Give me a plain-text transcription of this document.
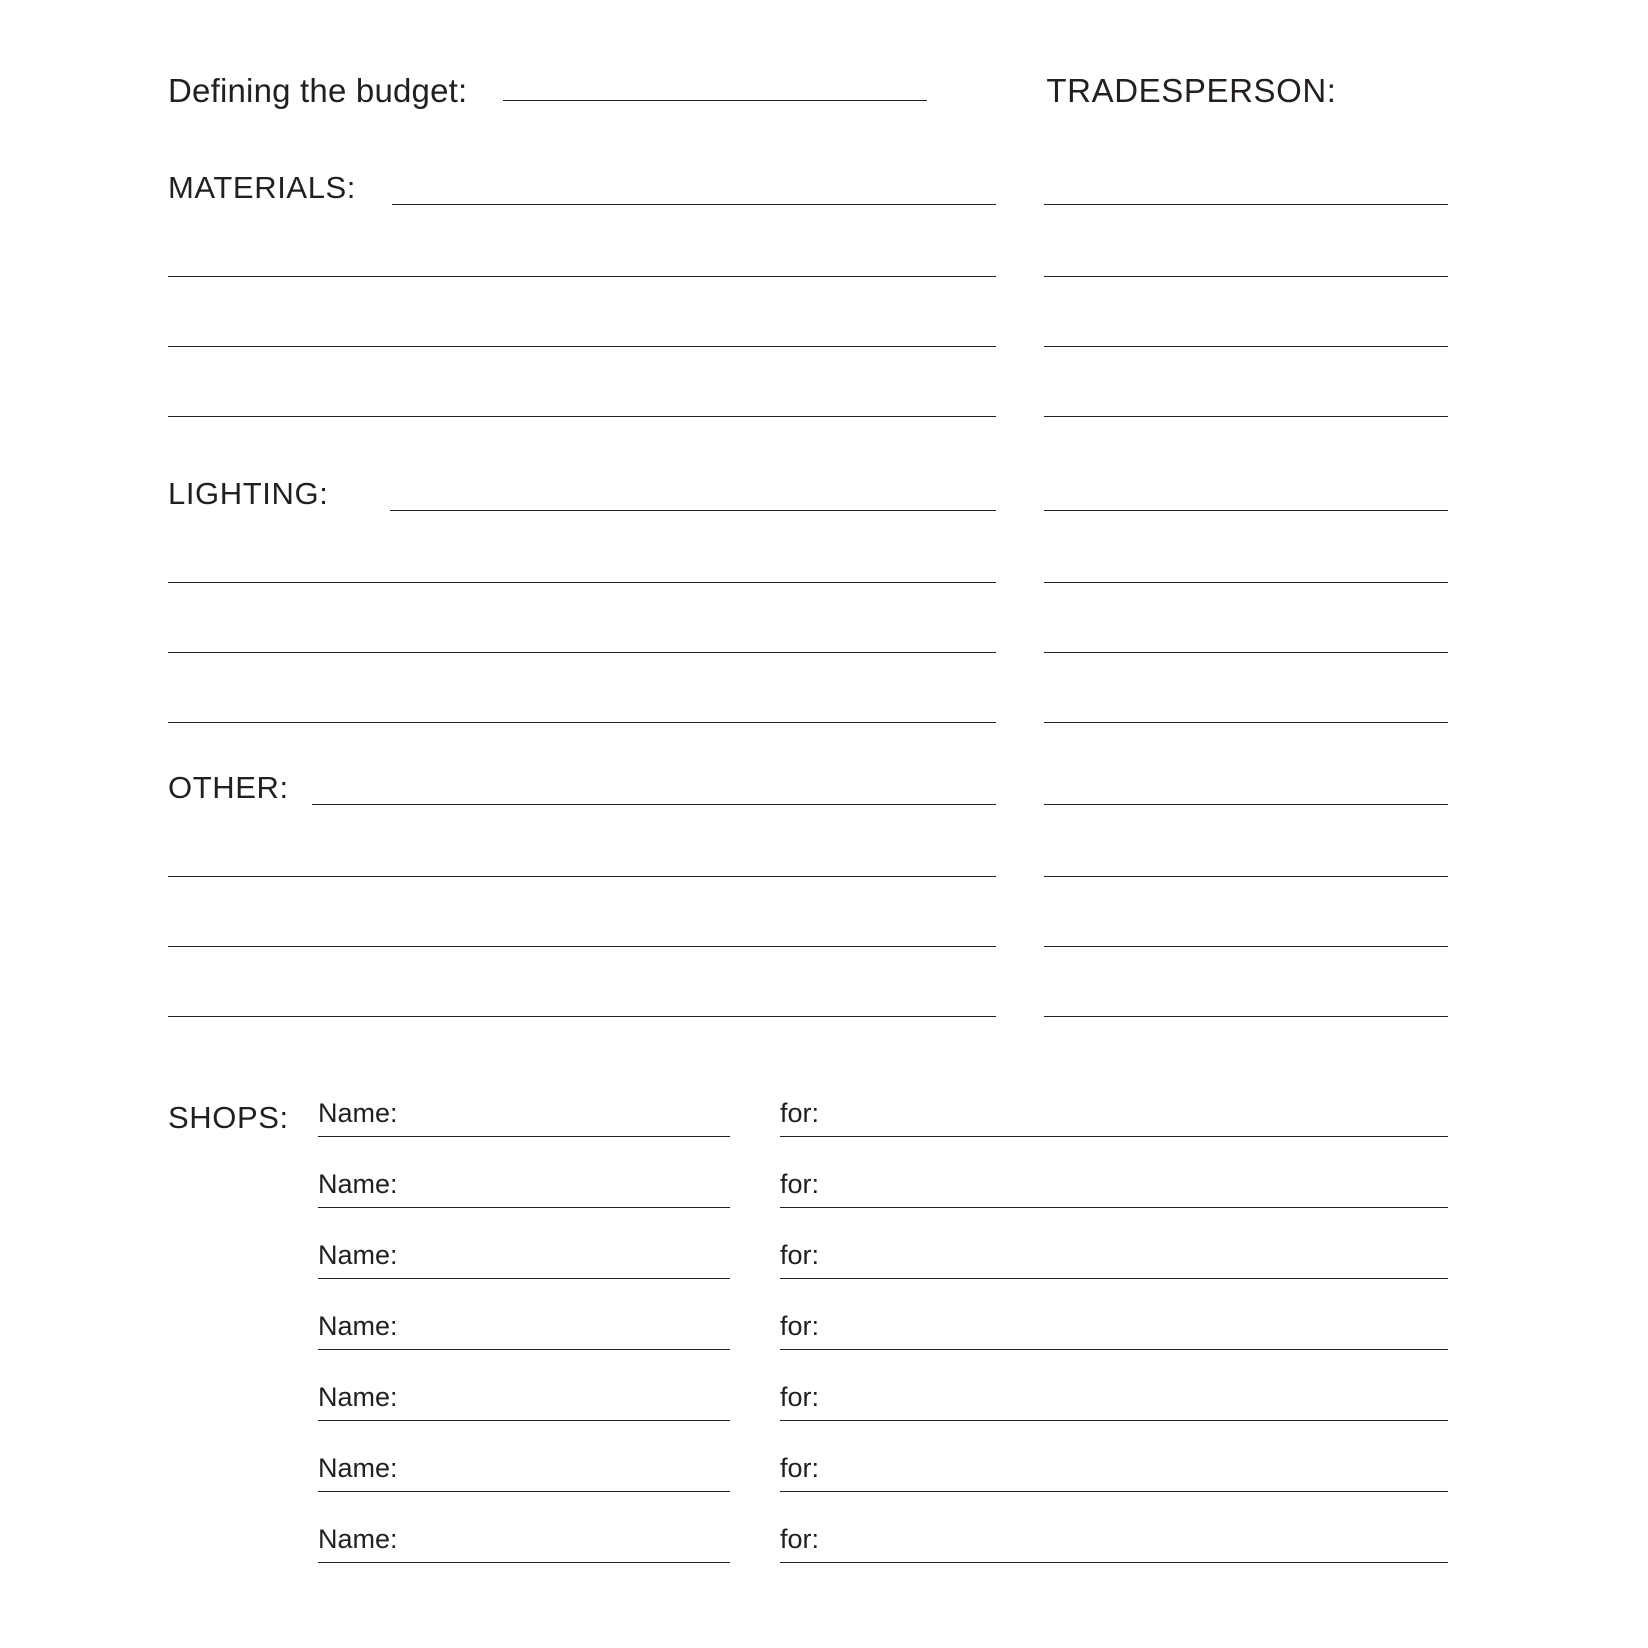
Defining the budget:	TRADESPERSON:
MATERIALS:
LIGHTING:
OTHER:
SHOPS: Name:	for:
Name:	for:
Name:	for:
Name:	for:
Name:	for:
Name:	for:
Name:	for:
